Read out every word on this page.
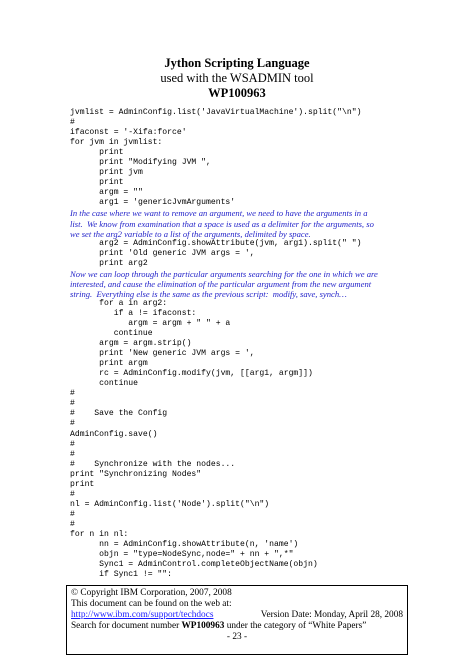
Jython Scripting Language
used with the WSADMIN tool
WP100963
jvmlist = AdminConfig.list('JavaVirtualMachine').split("\n")
#
ifaconst = '-Xifa:force'
for jvm in jvmlist:
print
print "Modifying JVM ",
print jvm
print
argm = ""
arg1 = 'genericJvmArguments'
In the case where we want to remove an argument, we need to have the arguments in a
list.  We know from examination that a space is used as a delimiter for the arguments, so
we set the arg2 variable to a list of the arguments, delimited by space.
arg2 = AdminConfig.showAttribute(jvm, arg1).split(" ")
print 'Old generic JVM args = ',
print arg2
Now we can loop through the particular arguments searching for the one in which we are
interested, and cause the elimination of the particular argument from the new argument
string.  Everything else is the same as the previous script:  modify, save, synch…
for a in arg2:
if a != ifaconst:
argm = argm + " " + a
continue
argm = argm.strip()
print 'New generic JVM args = ',
print argm
rc = AdminConfig.modify(jvm, [[arg1, argm]])
continue
#
#
#    Save the Config
#
AdminConfig.save()
#
#
#    Synchronize with the nodes...
print "Synchronizing Nodes"
print
#
nl = AdminConfig.list('Node').split("\n")
#
#
for n in nl:
nn = AdminConfig.showAttribute(n, 'name')
objn = "type=NodeSync,node=" + nn + ",*"
Sync1 = AdminControl.completeObjectName(objn)
if Sync1 != "":
© Copyright IBM Corporation, 2007, 2008
This document can be found on the web at:
http://www.ibm.com/support/techdocs	Version Date: Monday, April 28, 2008
Search for document number WP100963 under the category of “White Papers”
- 23 -
